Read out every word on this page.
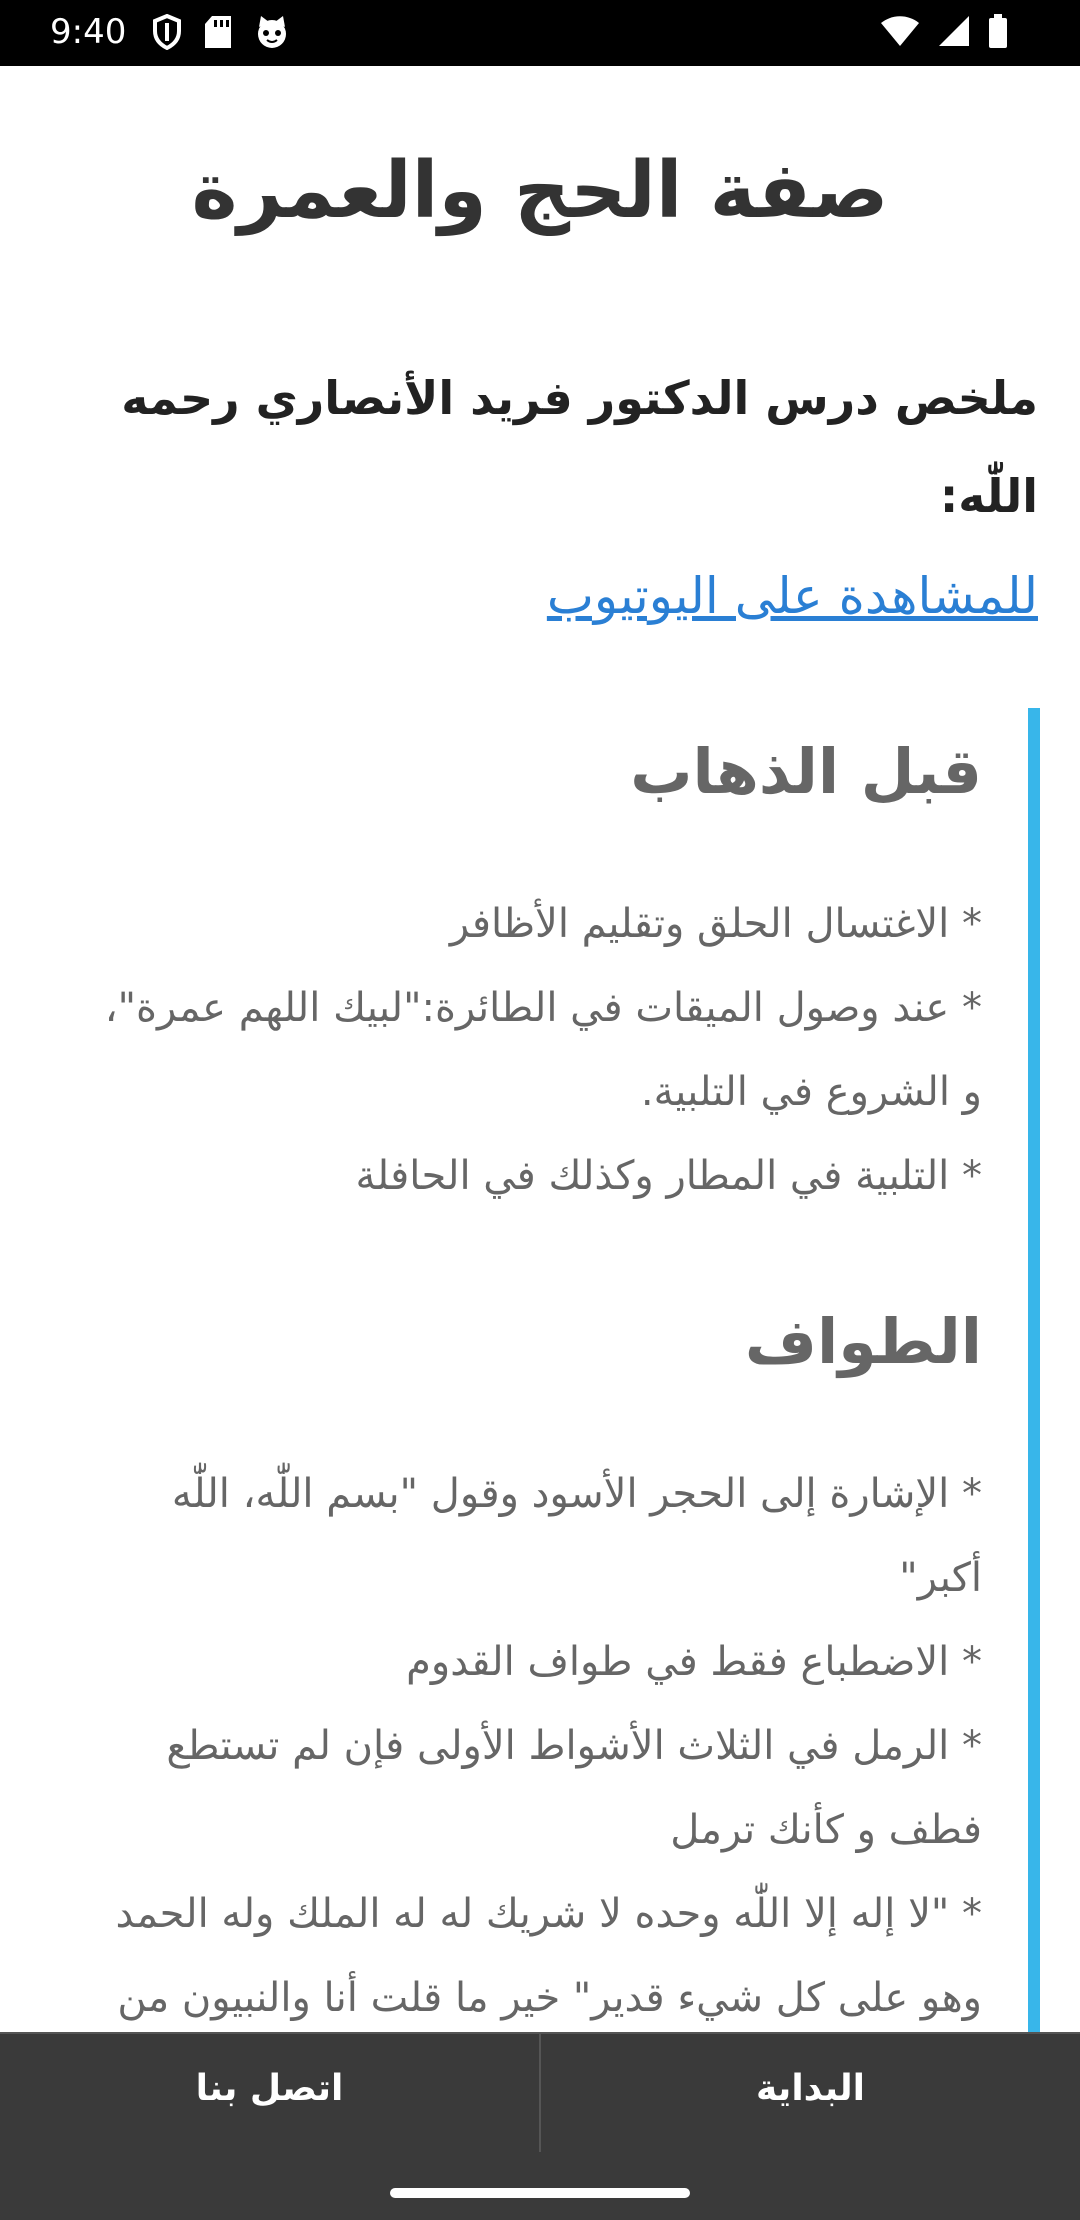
9:40
صفة الحج والعمرة

ملخص درس الدكتور فريد الأنصاري رحمه اللّٰه:

للمشاهدة على اليوتيوب
قبل الذهاب
* الاغتسال الحلق وتقليم الأظافر
* عند وصول الميقات في الطائرة:"لبيك اللهم عمرة"،
و الشروع في التلبية.
* التلبية في المطار وكذلك في الحافلة
الطواف
* الإشارة إلى الحجر الأسود وقول "بسم اللّٰه، اللّٰه
أكبر"
* الاضطباع فقط في طواف القدوم
* الرمل في الثلاث الأشواط الأولى فإن لم تستطع
فطف و كأنك ترمل
* "لا إله إلا اللّٰه وحده لا شريك له له الملك وله الحمد
وهو على كل شيء قدير" خير ما قلت أنا والنبيون من
اتصل بنا	البداية
